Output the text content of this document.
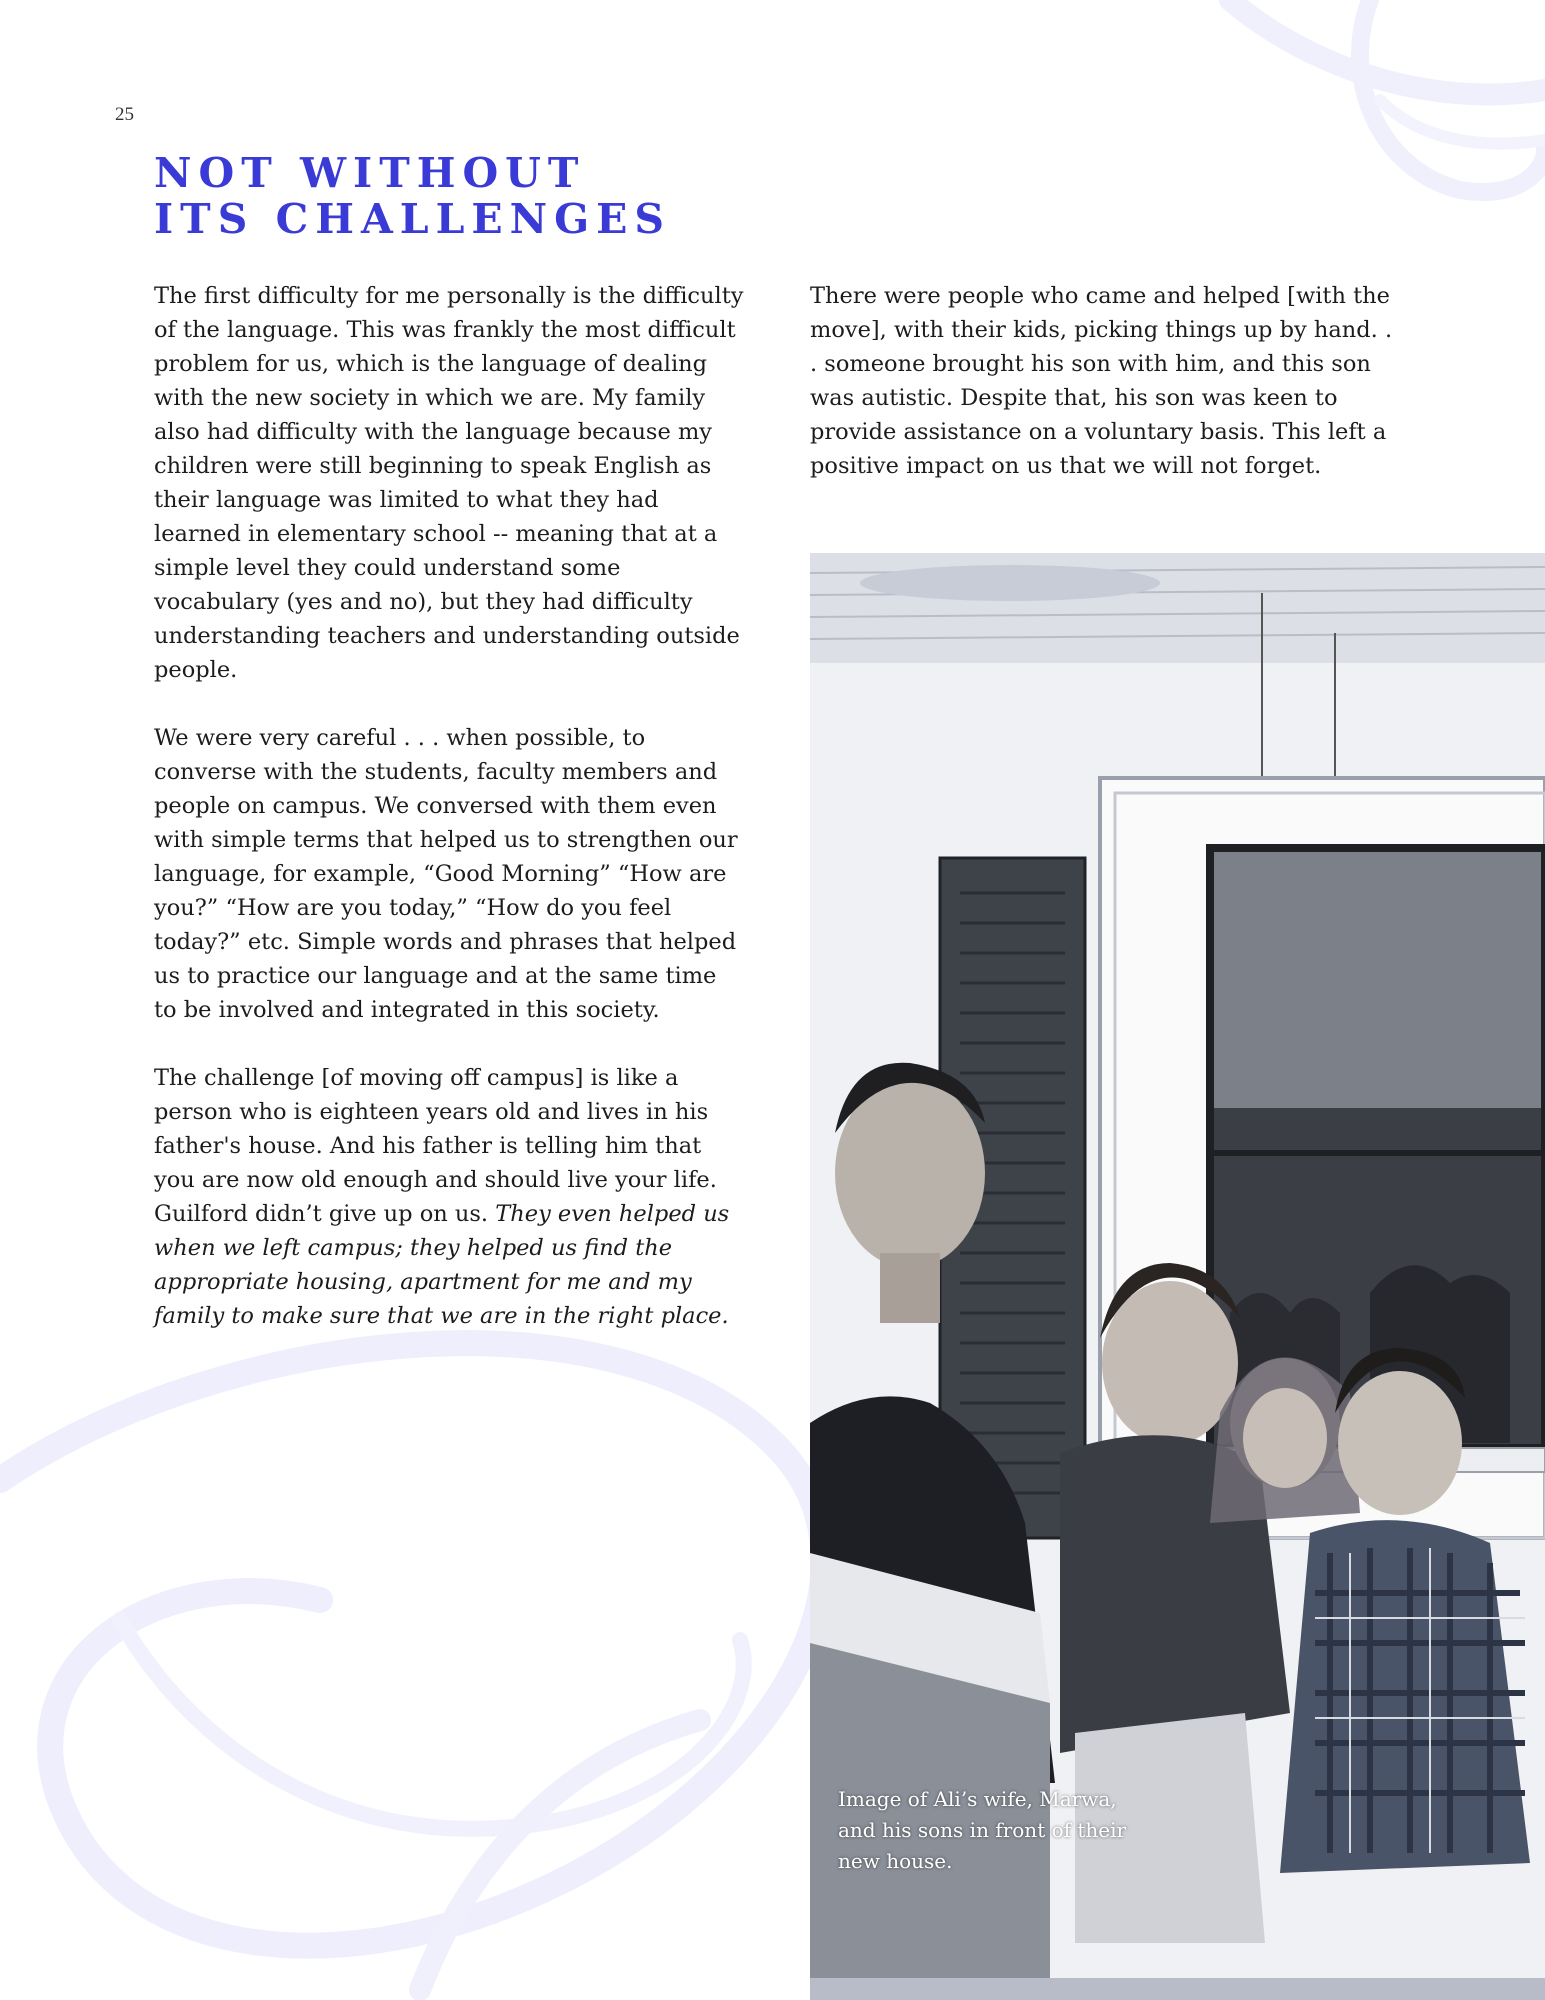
25
NOT WITHOUT
ITS CHALLENGES

The first difficulty for me personally is the difficulty of the language. This was frankly the most difficult problem for us, which is the language of dealing with the new society in which we are. My family also had difficulty with the language because my children were still beginning to speak English as their language was limited to what they had learned in elementary school -- meaning that at a simple level they could understand some vocabulary (yes and no), but they had difficulty understanding teachers and understanding outside people.

We were very careful . . . when possible, to converse with the students, faculty members and people on campus. We conversed with them even with simple terms that helped us to strengthen our language, for example, “Good Morning” “How are you?” “How are you today,” “How do you feel today?” etc. Simple words and phrases that helped us to practice our language and at the same time to be involved and integrated in this society.

The challenge [of moving off campus] is like a person who is eighteen years old and lives in his father's house. And his father is telling him that you are now old enough and should live your life. Guilford didn’t give up on us. They even helped us when we left campus; they helped us find the appropriate housing, apartment for me and my family to make sure that we are in the right place.

There were people who came and helped [with the move], with their kids, picking things up by hand. . . someone brought his son with him, and this son was autistic. Despite that, his son was keen to provide assistance on a voluntary basis. This left a positive impact on us that we will not forget.

Image of Ali’s wife, Marwa, and his sons in front of their new house.
